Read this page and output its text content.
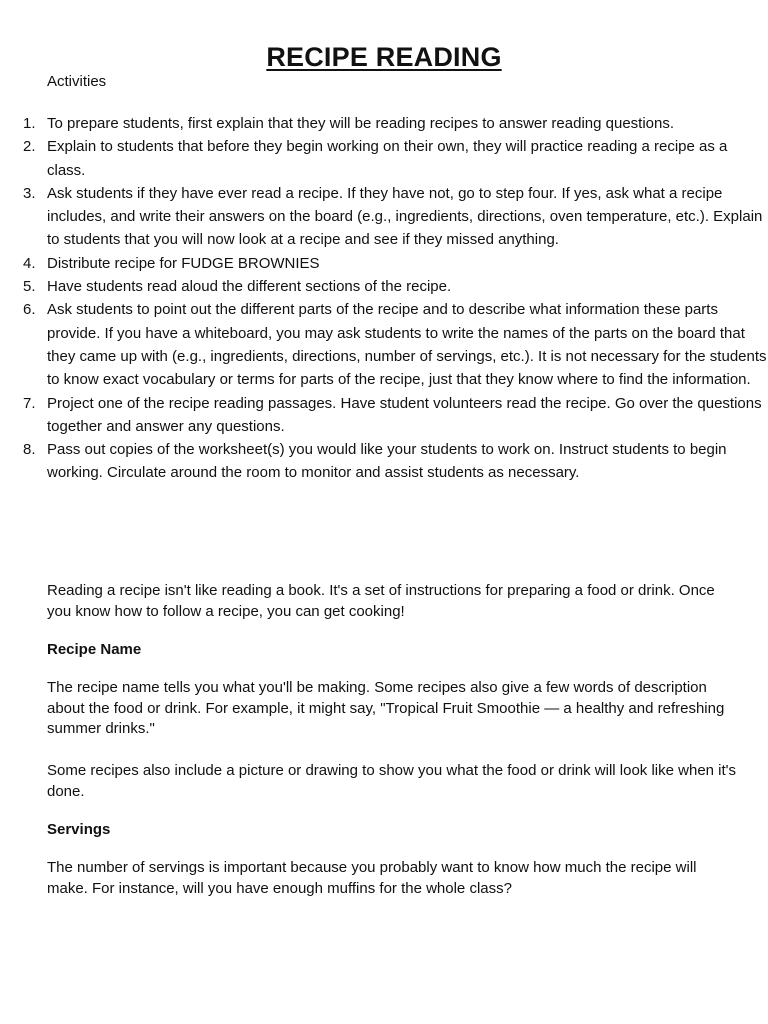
RECIPE READING
Activities
1. To prepare students, first explain that they will be reading recipes to answer reading questions.
2. Explain to students that before they begin working on their own, they will practice reading a recipe as a class.
3. Ask students if they have ever read a recipe. If they have not, go to step four. If yes, ask what a recipe includes, and write their answers on the board (e.g., ingredients, directions, oven temperature, etc.). Explain to students that you will now look at a recipe and see if they missed anything.
4. Distribute recipe for FUDGE BROWNIES
5. Have students read aloud the different sections of the recipe.
6. Ask students to point out the different parts of the recipe and to describe what information these parts provide. If you have a whiteboard, you may ask students to write the names of the parts on the board that they came up with (e.g., ingredients, directions, number of servings, etc.). It is not necessary for the students to know exact vocabulary or terms for parts of the recipe, just that they know where to find the information.
7. Project one of the recipe reading passages. Have student volunteers read the recipe. Go over the questions together and answer any questions.
8. Pass out copies of the worksheet(s) you would like your students to work on. Instruct students to begin working. Circulate around the room to monitor and assist students as necessary.

Reading a recipe isn't like reading a book. It's a set of instructions for preparing a food or drink. Once you know how to follow a recipe, you can get cooking!

Recipe Name

The recipe name tells you what you'll be making. Some recipes also give a few words of description about the food or drink. For example, it might say, "Tropical Fruit Smoothie — a healthy and refreshing summer drinks."

Some recipes also include a picture or drawing to show you what the food or drink will look like when it's done.

Servings

The number of servings is important because you probably want to know how much the recipe will make. For instance, will you have enough muffins for the whole class?
